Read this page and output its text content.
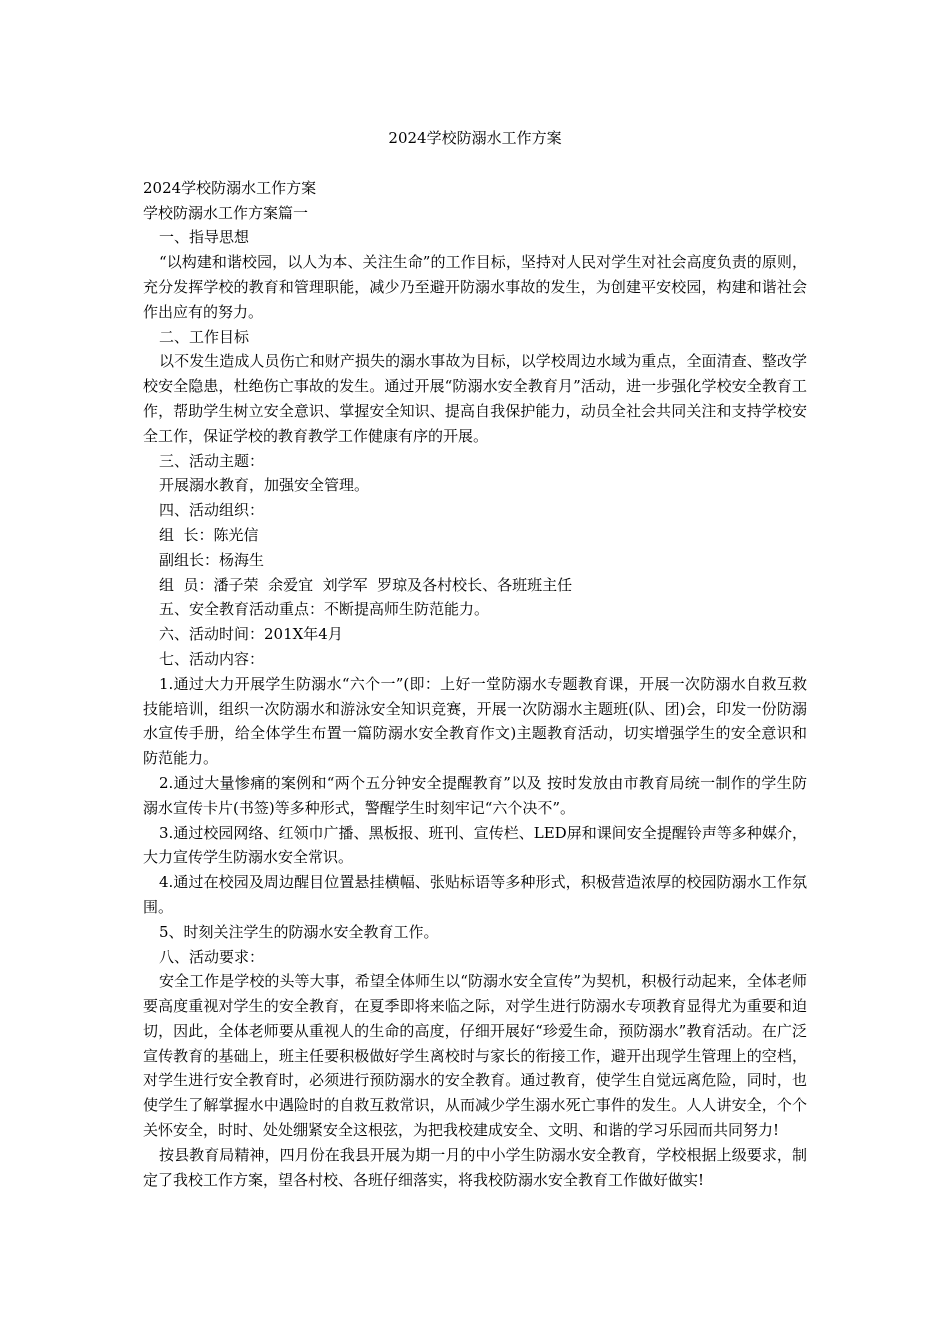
2024学校防溺水工作方案

2024学校防溺水工作方案

学校防溺水工作方案篇一

一、指导思想

“以构建和谐校园，以人为本、关注生命”的工作目标，坚持对人民对学生对社会高度负责的原则，充分发挥学校的教育和管理职能，减少乃至避开防溺水事故的发生，为创建平安校园，构建和谐社会作出应有的努力。

二、工作目标

以不发生造成人员伤亡和财产损失的溺水事故为目标，以学校周边水域为重点，全面清查、整改学校安全隐患，杜绝伤亡事故的发生。通过开展“防溺水安全教育月”活动，进一步强化学校安全教育工作，帮助学生树立安全意识、掌握安全知识、提高自我保护能力，动员全社会共同关注和支持学校安全工作，保证学校的教育教学工作健康有序的开展。

三、活动主题：

开展溺水教育，加强安全管理。

四、活动组织：

组  长：陈光信

副组长：杨海生

组  员：潘子荣  余爱宜  刘学军  罗琼及各村校长、各班班主任

五、安全教育活动重点：不断提高师生防范能力。

六、活动时间：201X年4月

七、活动内容：

1.通过大力开展学生防溺水“六个一”(即：上好一堂防溺水专题教育课，开展一次防溺水自救互救技能培训，组织一次防溺水和游泳安全知识竞赛，开展一次防溺水主题班(队、团)会，印发一份防溺水宣传手册，给全体学生布置一篇防溺水安全教育作文)主题教育活动，切实增强学生的安全意识和防范能力。

2.通过大量惨痛的案例和“两个五分钟安全提醒教育”以及 按时发放由市教育局统一制作的学生防溺水宣传卡片(书签)等多种形式，警醒学生时刻牢记“六个决不”。

3.通过校园网络、红领巾广播、黑板报、班刊、宣传栏、LED屏和课间安全提醒铃声等多种媒介，大力宣传学生防溺水安全常识。

4.通过在校园及周边醒目位置悬挂横幅、张贴标语等多种形式，积极营造浓厚的校园防溺水工作氛围。

5、时刻关注学生的防溺水安全教育工作。

八、活动要求：

安全工作是学校的头等大事，希望全体师生以“防溺水安全宣传”为契机，积极行动起来，全体老师要高度重视对学生的安全教育，在夏季即将来临之际，对学生进行防溺水专项教育显得尤为重要和迫切，因此，全体老师要从重视人的生命的高度，仔细开展好“珍爱生命，预防溺水”教育活动。在广泛宣传教育的基础上，班主任要积极做好学生离校时与家长的衔接工作，避开出现学生管理上的空档，对学生进行安全教育时，必须进行预防溺水的安全教育。通过教育，使学生自觉远离危险，同时，也使学生了解掌握水中遇险时的自救互救常识，从而减少学生溺水死亡事件的发生。人人讲安全，个个关怀安全，时时、处处绷紧安全这根弦，为把我校建成安全、文明、和谐的学习乐园而共同努力!

按县教育局精神，四月份在我县开展为期一月的中小学生防溺水安全教育，学校根据上级要求，制定了我校工作方案，望各村校、各班仔细落实，将我校防溺水安全教育工作做好做实!
